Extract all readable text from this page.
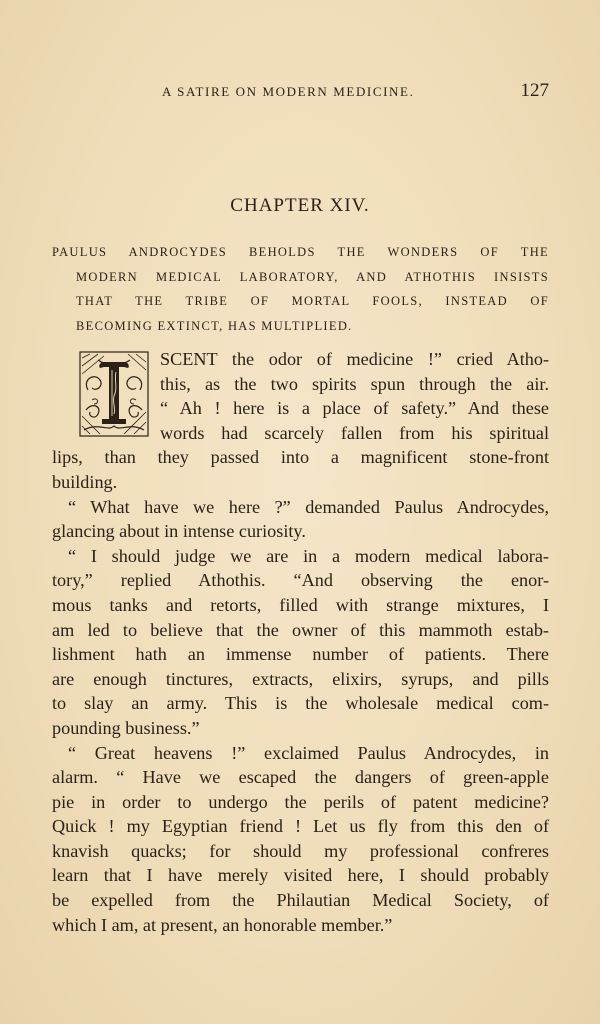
A SATIRE ON MODERN MEDICINE.	127
CHAPTER XIV.
PAULUS ANDROCYDES BEHOLDS THE WONDERS OF THE
MODERN MEDICAL LABORATORY, AND ATHOTHIS INSISTS
THAT THE TRIBE OF MORTAL FOOLS, INSTEAD OF
BECOMING EXTINCT, HAS MULTIPLIED.
SCENT the odor of medicine !” cried Atho-
this, as the two spirits spun through the air.
“ Ah ! here is a place of safety.” And these
words had scarcely fallen from his spiritual
lips, than they passed into a magnificent stone-front
building.
“ What have we here ?” demanded Paulus Androcydes,
glancing about in intense curiosity.
“ I should judge we are in a modern medical labora-
tory,” replied Athothis. “And observing the enor-
mous tanks and retorts, filled with strange mixtures, I
am led to believe that the owner of this mammoth estab-
lishment hath an immense number of patients. There
are enough tinctures, extracts, elixirs, syrups, and pills
to slay an army. This is the wholesale medical com-
pounding business.”
“ Great heavens !” exclaimed Paulus Androcydes, in
alarm. “ Have we escaped the dangers of green-apple
pie in order to undergo the perils of patent medicine?
Quick ! my Egyptian friend ! Let us fly from this den of
knavish quacks; for should my professional confreres
learn that I have merely visited here, I should probably
be expelled from the Philautian Medical Society, of
which I am, at present, an honorable member.”
